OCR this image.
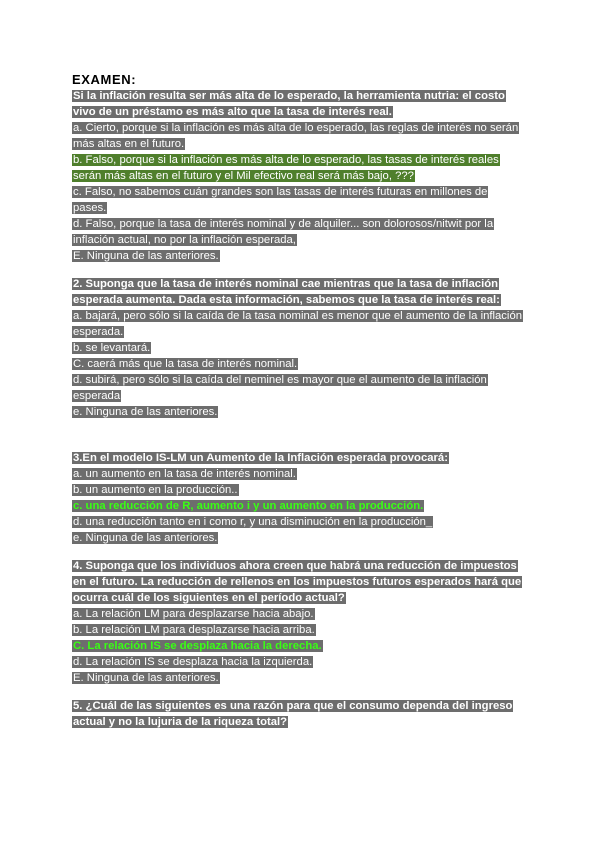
EXAMEN:
Si la inflación resulta ser más alta de lo esperado, la herramienta nutria: el costo vivo de un préstamo es más alto que la tasa de interés real.
a. Cierto, porque si la inflación es más alta de lo esperado, las reglas de interés no serán más altas en el futuro.
b. Falso, porque si la inflación es más alta de lo esperado, las tasas de interés reales serán más altas en el futuro y el Mil efectivo real será más bajo, ???
c. Falso, no sabemos cuán grandes son las tasas de interés futuras en millones de pases.
d. Falso, porque la tasa de interés nominal y de alquiler... son dolorosos/nitwit por la inflación actual, no por la inflación esperada,
E. Ninguna de las anteriores.
2. Suponga que la tasa de interés nominal cae mientras que la tasa de inflación esperada aumenta. Dada esta información, sabemos que la tasa de interés real:
a. bajará, pero sólo si la caída de la tasa nominal es menor que el aumento de la inflación esperada.
b. se levantará.
C. caerá más que la tasa de interés nominal.
d. subirá, pero sólo si la caída del neminel es mayor que el aumento de la inflación esperada
e. Ninguna de las anteriores.
3.En el modelo IS-LM un Aumento de la Inflación esperada provocará:
a. un aumento en la tasa de interés nominal.
b. un aumento en la producción..
c. una reducción de R, aumento i y un aumento en la producción.
d. una reducción tanto en i como r, y una disminución en la producción_
e. Ninguna de las anteriores.
4. Suponga que los individuos ahora creen que habrá una reducción de impuestos en el futuro. La reducción de rellenos en los impuestos futuros esperados hará que ocurra cuál de los siguientes en el período actual?
a. La relación LM para desplazarse hacia abajo.
b. La relación LM para desplazarse hacia arriba.
C. La relación IS se desplaza hacia la derecha.
d. La relación IS se desplaza hacia la izquierda.
E. Ninguna de las anteriores.
5. ¿Cuál de las siguientes es una razón para que el consumo dependa del ingreso actual y no la lujuria de la riqueza total?
